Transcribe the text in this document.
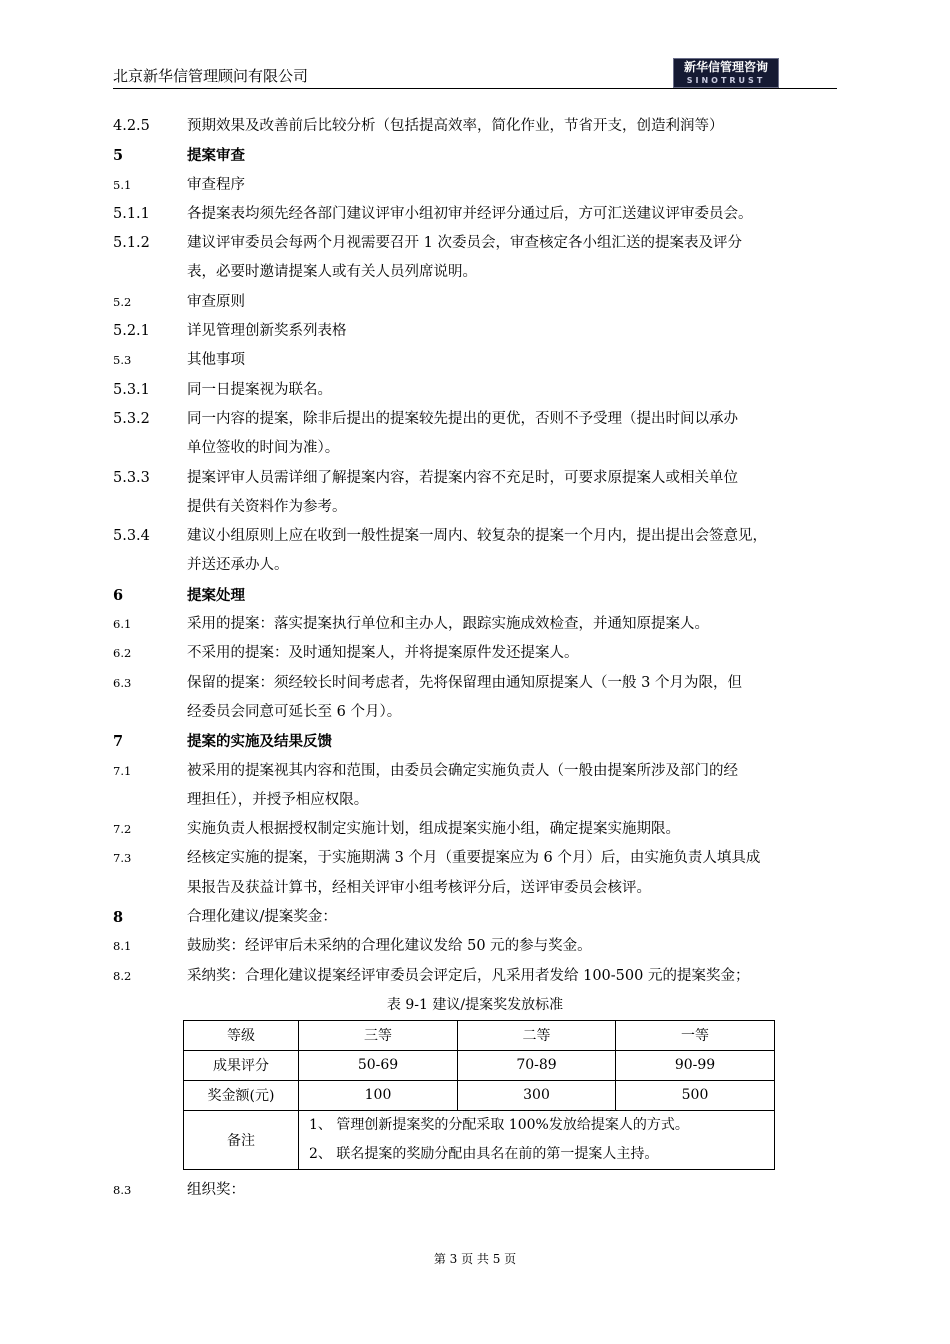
北京新华信管理顾问有限公司	新华信管理咨询
SINOTRUST
4.2.5	预期效果及改善前后比较分析（包括提高效率，简化作业，节省开支，创造利润等）
5	提案审查
5.1	审查程序
5.1.1	各提案表均须先经各部门建议评审小组初审并经评分通过后，方可汇送建议评审委员会。
5.1.2	建议评审委员会每两个月视需要召开 1 次委员会，审查核定各小组汇送的提案表及评分
表，必要时邀请提案人或有关人员列席说明。
5.2	审查原则
5.2.1	详见管理创新奖系列表格
5.3	其他事项
5.3.1	同一日提案视为联名。
5.3.2	同一内容的提案，除非后提出的提案较先提出的更优，否则不予受理（提出时间以承办
单位签收的时间为准）。
5.3.3	提案评审人员需详细了解提案内容，若提案内容不充足时，可要求原提案人或相关单位
提供有关资料作为参考。
5.3.4	建议小组原则上应在收到一般性提案一周内、较复杂的提案一个月内，提出提出会签意见，
并送还承办人。
6	提案处理
6.1	采用的提案：落实提案执行单位和主办人，跟踪实施成效检查，并通知原提案人。
6.2	不采用的提案：及时通知提案人，并将提案原件发还提案人。
6.3	保留的提案：须经较长时间考虑者，先将保留理由通知原提案人（一般 3 个月为限，但
经委员会同意可延长至 6 个月）。
7	提案的实施及结果反馈
7.1	被采用的提案视其内容和范围，由委员会确定实施负责人（一般由提案所涉及部门的经
理担任），并授予相应权限。
7.2	实施负责人根据授权制定实施计划，组成提案实施小组，确定提案实施期限。
7.3	经核定实施的提案，于实施期满 3 个月（重要提案应为 6 个月）后，由实施负责人填具成
果报告及获益计算书，经相关评审小组考核评分后，送评审委员会核评。
8	合理化建议/提案奖金：
8.1	鼓励奖：经评审后未采纳的合理化建议发给 50 元的参与奖金。
8.2	采纳奖：合理化建议提案经评审委员会评定后，凡采用者发给 100-500 元的提案奖金；
表 9-1 建议/提案奖发放标准
等级	三等	二等	一等
成果评分	50-69	70-89	90-99
奖金额(元)	100	300	500
备注	1、 管理创新提案奖的分配采取 100%发放给提案人的方式。
2、 联名提案的奖励分配由具名在前的第一提案人主持。		
8.3	组织奖：
第 3 页 共 5 页
